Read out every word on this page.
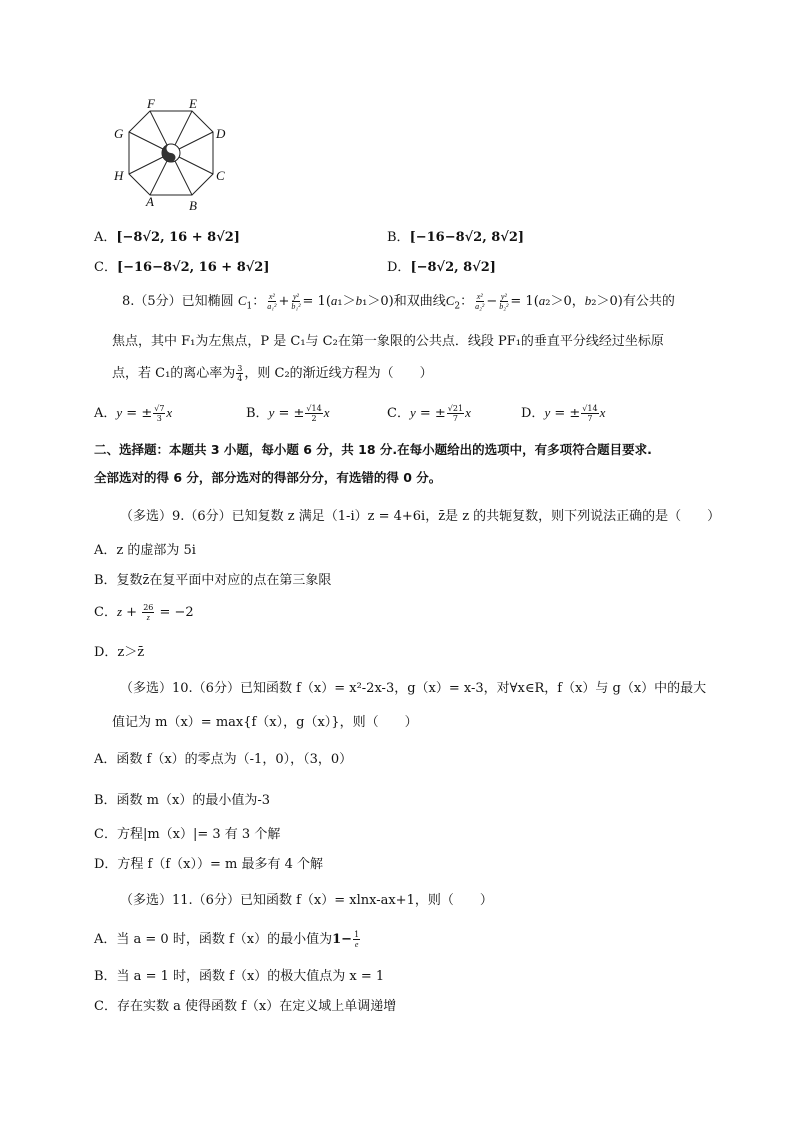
F	E
D
C
B
A
H
G
A．[−8√2, 16 + 8√2]	B．[−16−8√2, 8√2]
C．[−16−8√2, 16 + 8√2]	D．[−8√2, 8√2]
8.（5分）已知椭圆 $C_1$： $\frac{\text{x²}}{\text{a₁²}} + \frac{\text{y²}}{\text{b₁²}} = 1(a_1>b_1>0)$和双曲线$C_2$： $\frac{\text{x²}}{\text{a₂²}} - \frac{\text{y²}}{\text{b₂²}} = 1(a_2>0$，b₂＞0)有公共的
焦点，其中 F₁为左焦点，P 是 C₁与 C₂在第一象限的公共点．线段 PF₁的垂直平分线经过坐标原
点，若 C₁的离心率为 $\frac{3}{4}$ ，则 C₂的渐近线方程为（　　）
A．y = ± $\frac{√7}{3}$ x	B．y = ± $\frac{√14}{2}$ x	C．y = ± $\frac{√21}{7}$ x	D．y = ± $\frac{√14}{7}$ x
二、选择题：本题共 3 小题，每小题 6 分，共 18 分.在每小题给出的选项中，有多项符合题目要求.
全部选对的得 6 分，部分选对的得部分分，有选错的得 0 分。
（多选）9.（6分）已知复数 z 满足（1-i）z = 4+6i，z̄是 z 的共轭复数，则下列说法正确的是（　　）
A．z 的虚部为 5i
B．复数z̄在复平面中对应的点在第三象限
C．$z + \frac{26}{z} = -2$
D．z＞z̄
（多选）10.（6分）已知函数 f（x）= x²-2x-3，g（x）= x-3，对∀x∈R，f（x）与 g（x）中的最大
值记为 m（x）= max{f（x），g（x）}，则（　　）
A．函数 f（x）的零点为（-1，0），（3，0）
B．函数 m（x）的最小值为-3
C．方程|m（x）|= 3 有 3 个解
D．方程 f（f（x））= m 最多有 4 个解
（多选）11.（6分）已知函数 f（x）= xlnx-ax+1，则（　　）
A．当 a = 0 时，函数 f（x）的最小值为$1- \frac{1}{e}$
B．当 a = 1 时，函数 f（x）的极大值点为 x = 1
C．存在实数 a 使得函数 f（x）在定义域上单调递增
